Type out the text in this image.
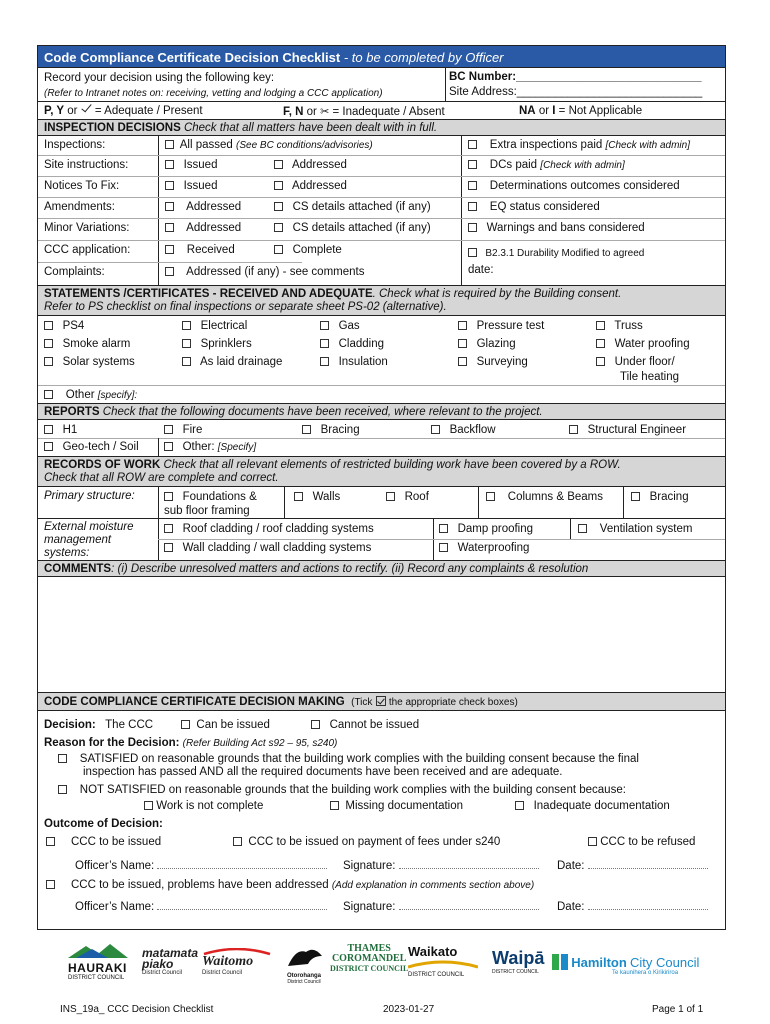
Code Compliance Certificate Decision Checklist - to be completed by Officer
Record your decision using the following key:
(Refer to Intranet notes on: receiving, vetting and lodging a CCC application)
BC Number:_____________________________
Site Address:_____________________________
P, Y or = Adequate / Present	F, N or ✂ = Inadequate / Absent	NA or I = Not Applicable
INSPECTION DECISIONS Check that all matters have been dealt with in full.
Inspections:	All passed (See BC conditions/advisories)	Extra inspections paid [Check with admin]
Site instructions:	Issued	Addressed	DCs paid [Check with admin]
Notices To Fix:	Issued	Addressed	Determinations outcomes considered
Amendments:	Addressed	CS details attached (if any)	EQ status considered
Minor Variations:	Addressed	CS details attached (if any)	Warnings and bans considered
CCC application:	Received	Complete	B2.3.1 Durability Modified to agreed
date:
Complaints:	Addressed (if any) - see comments
STATEMENTS /CERTIFICATES - RECEIVED AND ADEQUATE. Check what is required by the Building consent.
Refer to PS checklist on final inspections or separate sheet PS-02 (alternative).
PS4	Electrical	Gas	Pressure test	Truss
Smoke alarm	Sprinklers	Cladding	Glazing	Water proofing
Solar systems	As laid drainage	Insulation	Surveying	Under floor/
Tile heating
Other [specify]:
REPORTS Check that the following documents have been received, where relevant to the project.
H1	Fire	Bracing	Backflow	Structural Engineer
Geo-tech / Soil	Other: [Specify]
RECORDS OF WORK Check that all relevant elements of restricted building work have been covered by a ROW.
Check that all ROW are complete and correct.
Primary structure:	Foundations &
sub floor framing
Walls	Roof	Columns & Beams	Bracing
External moisture
management
systems:
Roof cladding / roof cladding systems	Damp proofing	Ventilation system
Wall cladding / wall cladding systems	Waterproofing
COMMENTS: (i) Describe unresolved matters and actions to rectify. (ii) Record any complaints & resolution
CODE COMPLIANCE CERTIFICATE DECISION MAKING (Tick the appropriate check boxes)
Decision: The CCC	Can be issued	Cannot be issued
Reason for the Decision: (Refer Building Act s92 – 95, s240)
SATISFIED on reasonable grounds that the building work complies with the building consent because the final
inspection has passed AND all the required documents have been received and are adequate.
NOT SATISFIED on reasonable grounds that the building work complies with the building consent because:
Work is not complete	Missing documentation	Inadequate documentation
Outcome of Decision:
CCC to be issued	CCC to be issued on payment of fees under s240	CCC to be refused
Officer’s Name:	Signature:	Date:
CCC to be issued, problems have been addressed (Add explanation in comments section above)
Officer’s Name:	Signature:	Date:
HAURAKI
DISTRICT COUNCIL
matamata
piako
District Council
Waitomo
District Council	Otorohanga
District Council
THAMES
COROMANDEL
DISTRICT COUNCIL
Waikato
DISTRICT COUNCIL
Waipā
DISTRICT COUNCIL
Hamilton City Council
Te kaunihera o Kirikiriroa
INS_19a_ CCC Decision Checklist	2023-01-27	Page 1 of 1
